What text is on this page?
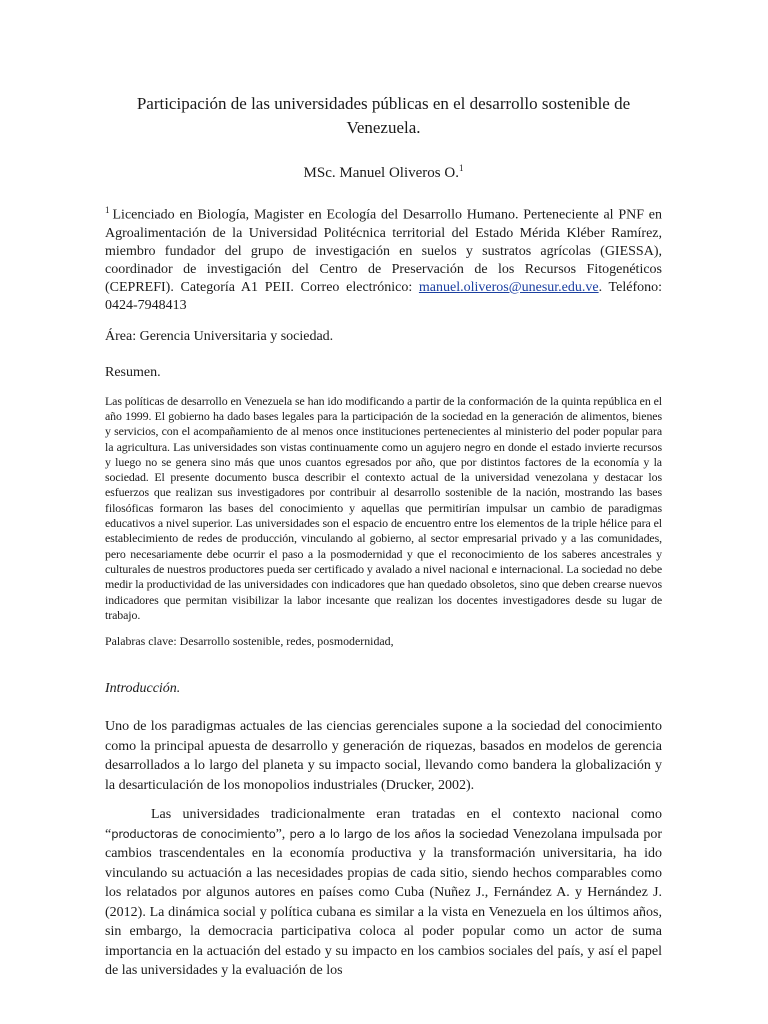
Participación de las universidades públicas en el desarrollo sostenible de Venezuela.
MSc. Manuel Oliveros O.$^1$
$^1$ Licenciado en Biología, Magister en Ecología del Desarrollo Humano. Perteneciente al PNF en Agroalimentación de la Universidad Politécnica territorial del Estado Mérida Kléber Ramírez, miembro fundador del grupo de investigación en suelos y sustratos agrícolas (GIESSA), coordinador de investigación del Centro de Preservación de los Recursos Fitogenéticos (CEPREFI). Categoría A1 PEII. Correo electrónico: manuel.oliveros@unesur.edu.ve. Teléfono: 0424-7948413
Área: Gerencia Universitaria y sociedad.
Resumen.
Las políticas de desarrollo en Venezuela se han ido modificando a partir de la conformación de la quinta república en el año 1999. El gobierno ha dado bases legales para la participación de la sociedad en la generación de alimentos, bienes y servicios, con el acompañamiento de al menos once instituciones pertenecientes al ministerio del poder popular para la agricultura. Las universidades son vistas continuamente como un agujero negro en donde el estado invierte recursos y luego no se genera sino más que unos cuantos egresados por año, que por distintos factores de la economía y la sociedad. El presente documento busca describir el contexto actual de la universidad venezolana y destacar los esfuerzos que realizan sus investigadores por contribuir al desarrollo sostenible de la nación, mostrando las bases filosóficas formaron las bases del conocimiento y aquellas que permitirían impulsar un cambio de paradigmas educativos a nivel superior. Las universidades son el espacio de encuentro entre los elementos de la triple hélice para el establecimiento de redes de producción, vinculando al gobierno, al sector empresarial privado y a las comunidades, pero necesariamente debe ocurrir el paso a la posmodernidad y que el reconocimiento de los saberes ancestrales y culturales de nuestros productores pueda ser certificado y avalado a nivel nacional e internacional. La sociedad no debe medir la productividad de las universidades con indicadores que han quedado obsoletos, sino que deben crearse nuevos indicadores que permitan visibilizar la labor incesante que realizan los docentes investigadores desde su lugar de trabajo.
Palabras clave: Desarrollo sostenible, redes, posmodernidad,
Introducción.
Uno de los paradigmas actuales de las ciencias gerenciales supone a la sociedad del conocimiento como la principal apuesta de desarrollo y generación de riquezas, basados en modelos de gerencia desarrollados a lo largo del planeta y su impacto social, llevando como bandera la globalización y la desarticulación de los monopolios industriales (Drucker, 2002).
Las universidades tradicionalmente eran tratadas en el contexto nacional como “productoras de conocimiento”, pero a lo largo de los años la sociedad Venezolana impulsada por cambios trascendentales en la economía productiva y la transformación universitaria, ha ido vinculando su actuación a las necesidades propias de cada sitio, siendo hechos comparables como los relatados por algunos autores en países como Cuba (Nuñez J., Fernández A. y Hernández J. (2012). La dinámica social y política cubana es similar a la vista en Venezuela en los últimos años, sin embargo, la democracia participativa coloca al poder popular como un actor de suma importancia en la actuación del estado y su impacto en los cambios sociales del país, y así el papel de las universidades y la evaluación de los
